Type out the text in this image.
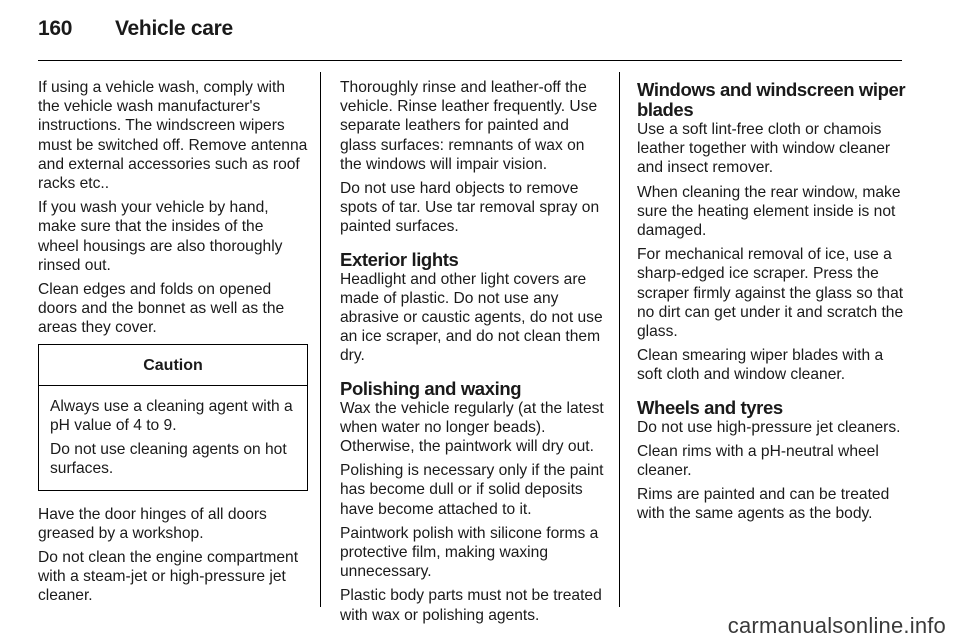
160 Vehicle care

If using a vehicle wash, comply with the vehicle wash manufacturer's instructions. The windscreen wipers must be switched off. Remove antenna and external accessories such as roof racks etc..

If you wash your vehicle by hand, make sure that the insides of the wheel housings are also thoroughly rinsed out.

Clean edges and folds on opened doors and the bonnet as well as the areas they cover.

Caution

Always use a cleaning agent with a pH value of 4 to 9.

Do not use cleaning agents on hot surfaces.

Have the door hinges of all doors greased by a workshop.

Do not clean the engine compartment with a steam-jet or high-pressure jet cleaner.

Thoroughly rinse and leather-off the vehicle. Rinse leather frequently. Use separate leathers for painted and glass surfaces: remnants of wax on the windows will impair vision.

Do not use hard objects to remove spots of tar. Use tar removal spray on painted surfaces.

Exterior lights

Headlight and other light covers are made of plastic. Do not use any abrasive or caustic agents, do not use an ice scraper, and do not clean them dry.

Polishing and waxing

Wax the vehicle regularly (at the latest when water no longer beads). Otherwise, the paintwork will dry out.

Polishing is necessary only if the paint has become dull or if solid deposits have become attached to it.

Paintwork polish with silicone forms a protective film, making waxing unnecessary.

Plastic body parts must not be treated with wax or polishing agents.

Windows and windscreen wiper blades

Use a soft lint-free cloth or chamois leather together with window cleaner and insect remover.

When cleaning the rear window, make sure the heating element inside is not damaged.

For mechanical removal of ice, use a sharp-edged ice scraper. Press the scraper firmly against the glass so that no dirt can get under it and scratch the glass.

Clean smearing wiper blades with a soft cloth and window cleaner.

Wheels and tyres

Do not use high-pressure jet cleaners.

Clean rims with a pH-neutral wheel cleaner.

Rims are painted and can be treated with the same agents as the body.

carmanualsonline.info
